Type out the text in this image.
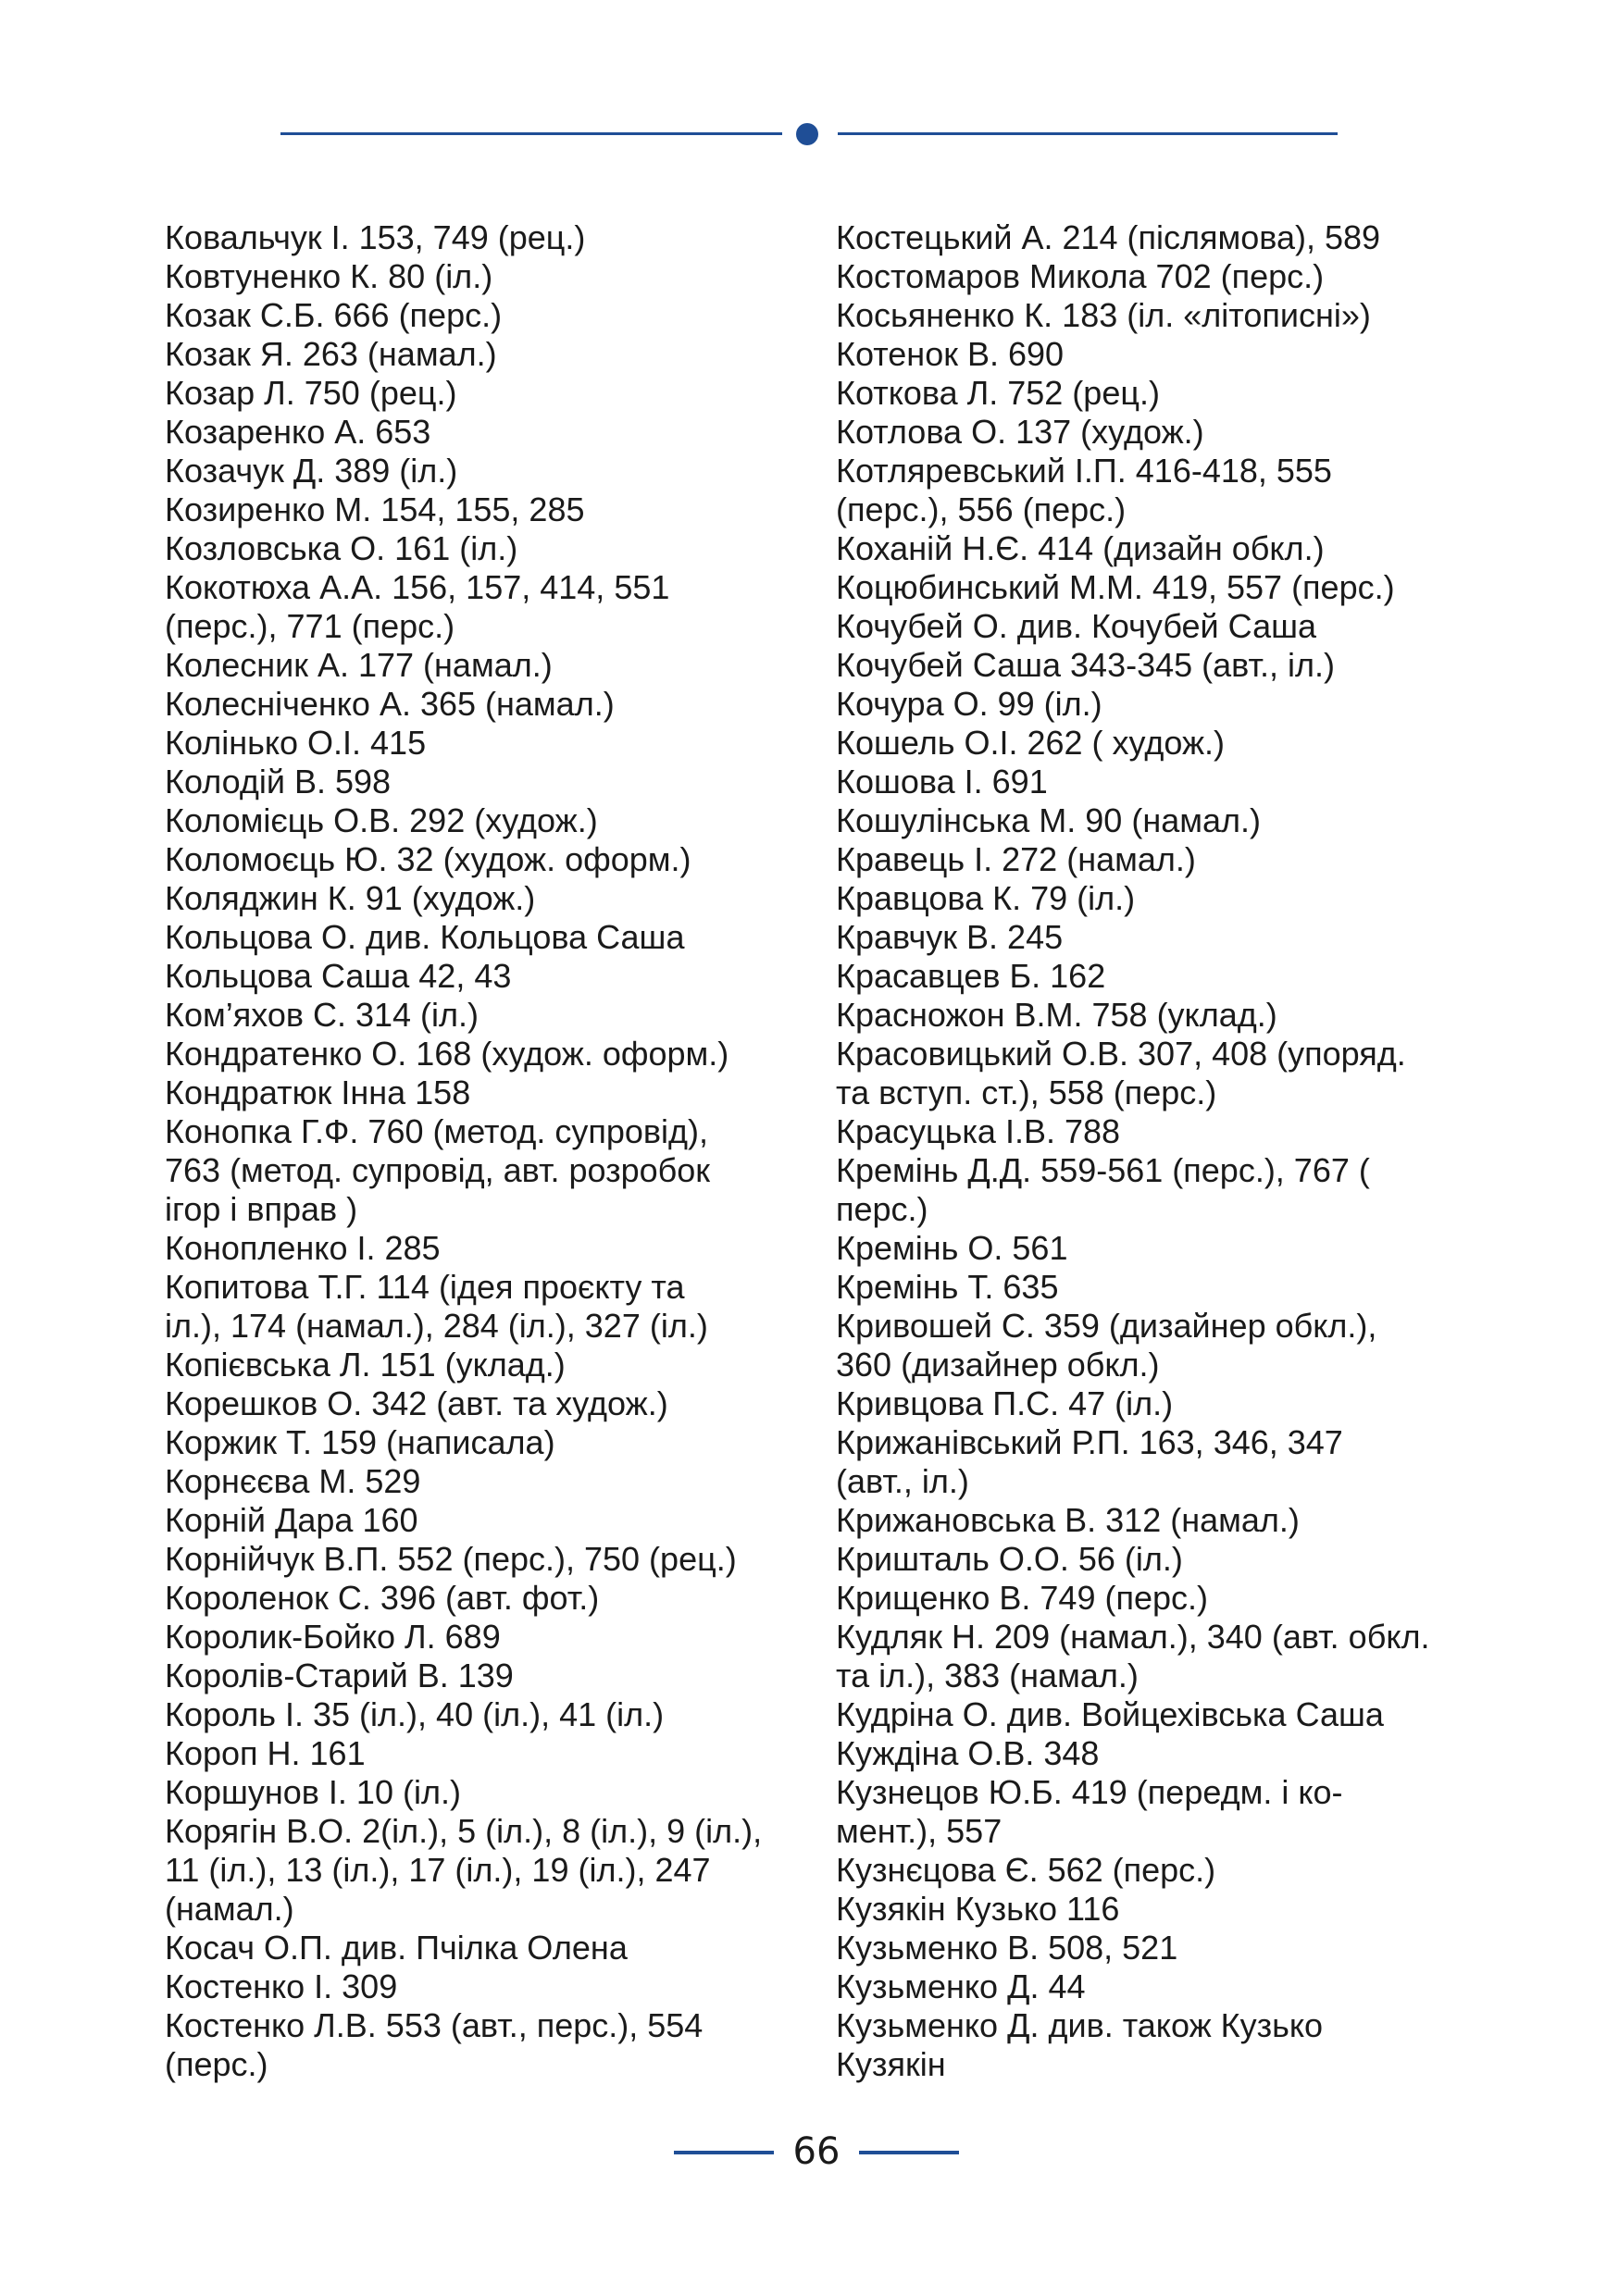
Ковальчук І. 153, 749 (рец.)
Ковтуненко К. 80 (іл.)
Козак С.Б. 666 (перс.)
Козак Я. 263 (намал.)
Козар Л. 750 (рец.)
Козаренко А. 653
Козачук Д. 389 (іл.)
Козиренко М. 154, 155, 285
Козловська О. 161 (іл.)
Кокотюха А.А. 156, 157, 414, 551
(перс.), 771 (перс.)
Колесник А. 177 (намал.)
Колесніченко А. 365 (намал.)
Колінько О.І. 415
Колодій В. 598
Коломієць О.В. 292 (худож.)
Коломоєць Ю. 32 (худож. оформ.)
Коляджин К. 91 (худож.)
Кольцова О. див. Кольцова Саша
Кольцова Саша 42, 43
Ком’яхов С. 314 (іл.)
Кондратенко О. 168 (худож. оформ.)
Кондратюк Інна 158
Конопка Г.Ф. 760 (метод. супровід),
763 (метод. супровід, авт. розробок
ігор і вправ )
Конопленко І. 285
Копитова Т.Г. 114 (ідея проєкту та
іл.), 174 (намал.), 284 (іл.), 327 (іл.)
Копієвська Л. 151 (уклад.)
Корешков О. 342 (авт. та худож.)
Коржик Т. 159 (написала)
Корнєєва М. 529
Корній Дара 160
Корнійчук В.П. 552 (перс.), 750 (рец.)
Короленок С. 396 (авт. фот.)
Королик-Бойко Л. 689
Королів-Старий В. 139
Король І. 35 (іл.), 40 (іл.), 41 (іл.)
Короп Н. 161
Коршунов І. 10 (іл.)
Корягін В.О. 2(іл.), 5 (іл.), 8 (іл.), 9 (іл.),
11 (іл.), 13 (іл.), 17 (іл.), 19 (іл.), 247
(намал.)
Косач О.П. див. Пчілка Олена
Костенко І. 309
Костенко Л.В. 553 (авт., перс.), 554
(перс.)
Костецький А. 214 (післямова), 589
Костомаров Микола 702 (перс.)
Косьяненко К. 183 (іл. «літописні»)
Котенок В. 690
Коткова Л. 752 (рец.)
Котлова О. 137 (худож.)
Котляревський І.П. 416-418, 555
(перс.), 556 (перс.)
Коханій Н.Є. 414 (дизайн обкл.)
Коцюбинський М.М. 419, 557 (перс.)
Кочубей О. див. Кочубей Саша
Кочубей Саша 343-345 (авт., іл.)
Кочура О. 99 (іл.)
Кошель О.І. 262 ( худож.)
Кошова І. 691
Кошулінська М. 90 (намал.)
Кравець І. 272 (намал.)
Кравцова К. 79 (іл.)
Кравчук В. 245
Красавцев Б. 162
Красножон В.М. 758 (уклад.)
Красовицький О.В. 307, 408 (упоряд.
та вступ. ст.), 558 (перс.)
Красуцька І.В. 788
Кремінь Д.Д. 559-561 (перс.), 767 (
перс.)
Кремінь О. 561
Кремінь Т. 635
Кривошей С. 359 (дизайнер обкл.),
360 (дизайнер обкл.)
Кривцова П.С. 47 (іл.)
Крижанівський Р.П. 163, 346, 347
(авт., іл.)
Крижановська В. 312 (намал.)
Кришталь О.О. 56 (іл.)
Крищенко В. 749 (перс.)
Кудляк Н. 209 (намал.), 340 (авт. обкл.
та іл.), 383 (намал.)
Кудріна О. див. Войцехівська Саша
Куждіна О.В. 348
Кузнецов Ю.Б. 419 (передм. і ко-
мент.), 557
Кузнєцова Є. 562 (перс.)
Кузякін Кузько 116
Кузьменко В. 508, 521
Кузьменко Д. 44
Кузьменко Д. див. також Кузько
Кузякін
66
